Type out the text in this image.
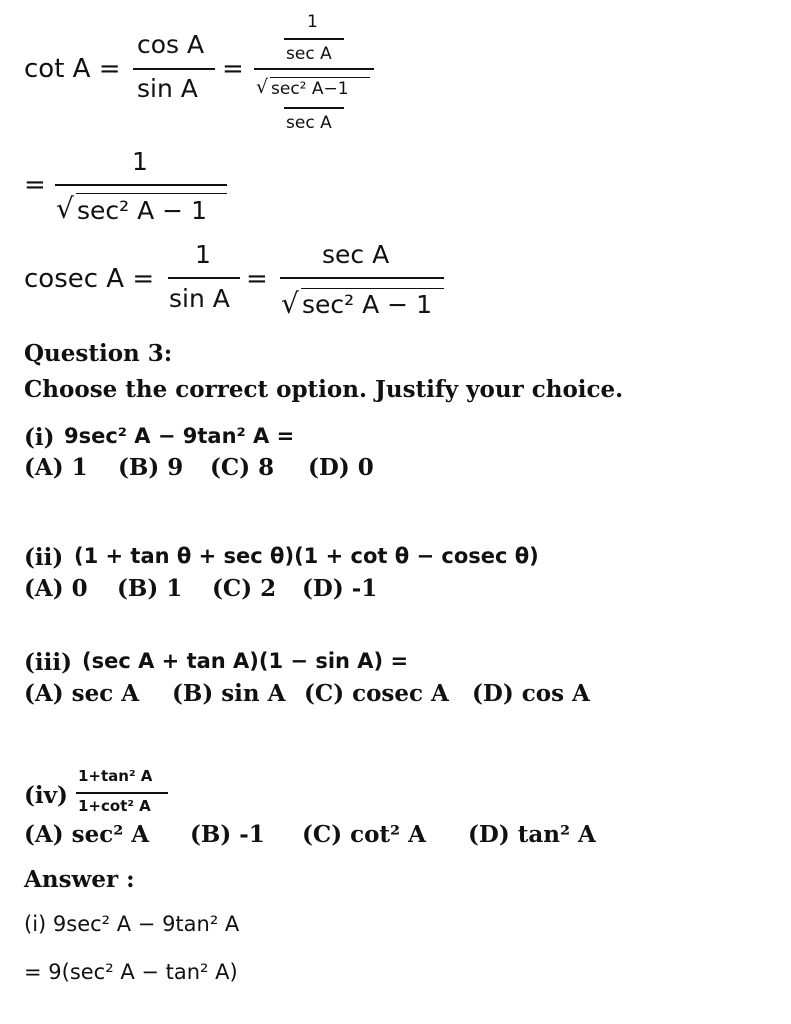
cot A =
cos A
sin A
=
1
sec A
√ sec² A−1
sec A
=
1
√ sec² A − 1
cosec A =
1
sin A
=
sec A
√ sec² A − 1
Question 3:
Choose the correct option. Justify your choice.
(i) 9sec² A − 9tan² A =
(A) 1 (B) 9 (C) 8 (D) 0
(ii) (1 + tan θ + sec θ)(1 + cot θ − cosec θ)
(A) 0 (B) 1 (C) 2 (D) -1
(iii) (sec A + tan A)(1 − sin A) =
(A) sec A (B) sin A (C) cosec A (D) cos A
(iv)
1+tan² A
1+cot² A
(A) sec² A (B) -1 (C) cot² A (D) tan² A
Answer :
(i) 9sec² A − 9tan² A
= 9(sec² A − tan² A)
